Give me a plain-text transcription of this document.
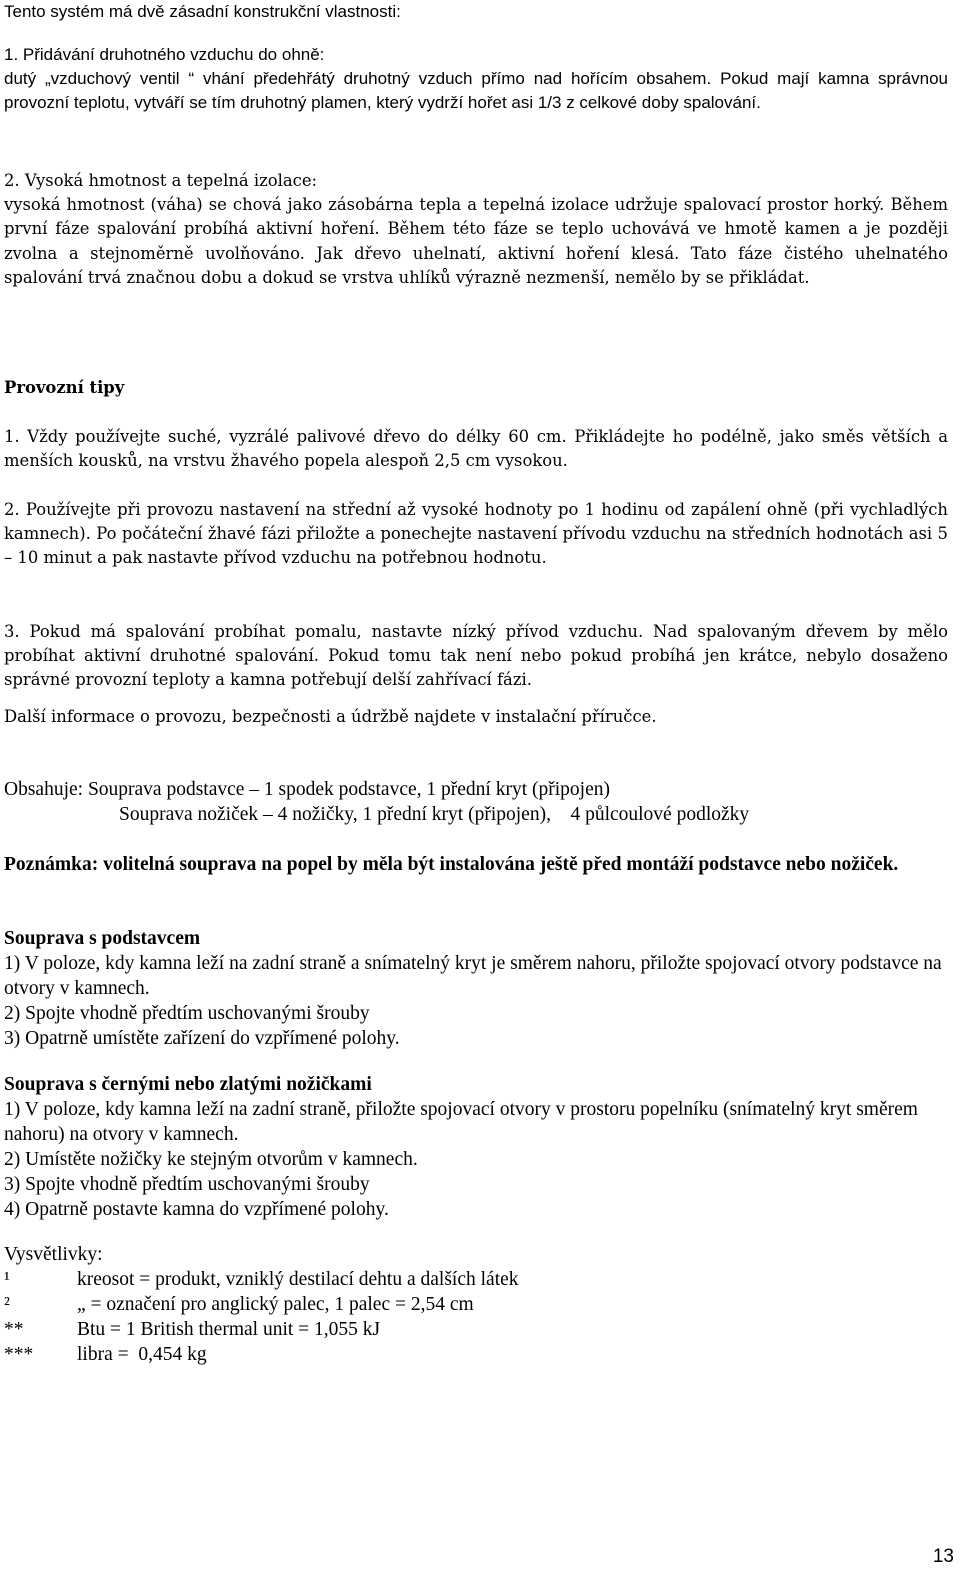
Tento systém má dvě zásadní konstrukční vlastnosti:

1. Přidávání druhotného vzduchu do ohně:

dutý „vzduchový ventil “ vhání předehřátý druhotný vzduch přímo nad hořícím obsahem. Pokud mají kamna správnou provozní teplotu, vytváří se tím druhotný plamen, který vydrží hořet asi 1/3 z celkové doby spalování.

2. Vysoká hmotnost a tepelná izolace:

vysoká hmotnost (váha) se chová jako zásobárna tepla a tepelná izolace udržuje spalovací prostor horký. Během první fáze spalování probíhá aktivní hoření. Během této fáze se teplo uchovává ve hmotě kamen a je později zvolna a stejnoměrně uvolňováno. Jak dřevo uhelnatí, aktivní hoření klesá. Tato fáze čistého uhelnatého spalování trvá značnou dobu a dokud se vrstva uhlíků výrazně nezmenší, nemělo by se přikládat.

Provozní tipy

1. Vždy používejte suché, vyzrálé palivové dřevo do délky 60 cm. Přikládejte ho podélně, jako směs větších a menších kousků, na vrstvu žhavého popela alespoň 2,5 cm vysokou.

2. Používejte při provozu nastavení na střední až vysoké hodnoty po 1 hodinu od zapálení ohně (při vychladlých kamnech). Po počáteční žhavé fázi přiložte a ponechejte nastavení přívodu vzduchu na středních hodnotách asi 5 – 10 minut a pak nastavte přívod vzduchu na potřebnou hodnotu.

3. Pokud má spalování probíhat pomalu, nastavte nízký přívod vzduchu. Nad spalovaným dřevem by mělo probíhat aktivní druhotné spalování. Pokud tomu tak není nebo pokud probíhá jen krátce, nebylo dosaženo správné provozní teploty a kamna potřebují delší zahřívací fázi.

Další informace o provozu, bezpečnosti a údržbě najdete v instalační příručce.

Obsahuje: Souprava podstavce – 1 spodek podstavce, 1 přední kryt (připojen)

Souprava nožiček – 4 nožičky, 1 přední kryt (připojen),    4 půlcoulové podložky

Poznámka: volitelná souprava na popel by měla být instalována ještě před montáží podstavce nebo nožiček.

Souprava s podstavcem

1) V poloze, kdy kamna leží na zadní straně a snímatelný kryt je směrem nahoru, přiložte spojovací otvory podstavce na otvory v kamnech.

2) Spojte vhodně předtím uschovanými šrouby

3) Opatrně umístěte zařízení do vzpřímené polohy.

Souprava s černými nebo zlatými nožičkami

1) V poloze, kdy kamna leží na zadní straně, přiložte spojovací otvory v prostoru popelníku (snímatelný kryt směrem nahoru) na otvory v kamnech.

2) Umístěte nožičky ke stejným otvorům v kamnech.

3) Spojte vhodně předtím uschovanými šrouby

4) Opatrně postavte kamna do vzpřímené polohy.

Vysvětlivky:

¹	kreosot = produkt, vzniklý destilací dehtu a dalších látek
²	„ = označení pro anglický palec, 1 palec = 2,54 cm
**	Btu = 1 British thermal unit = 1,055 kJ
***	libra =  0,454 kg
13
